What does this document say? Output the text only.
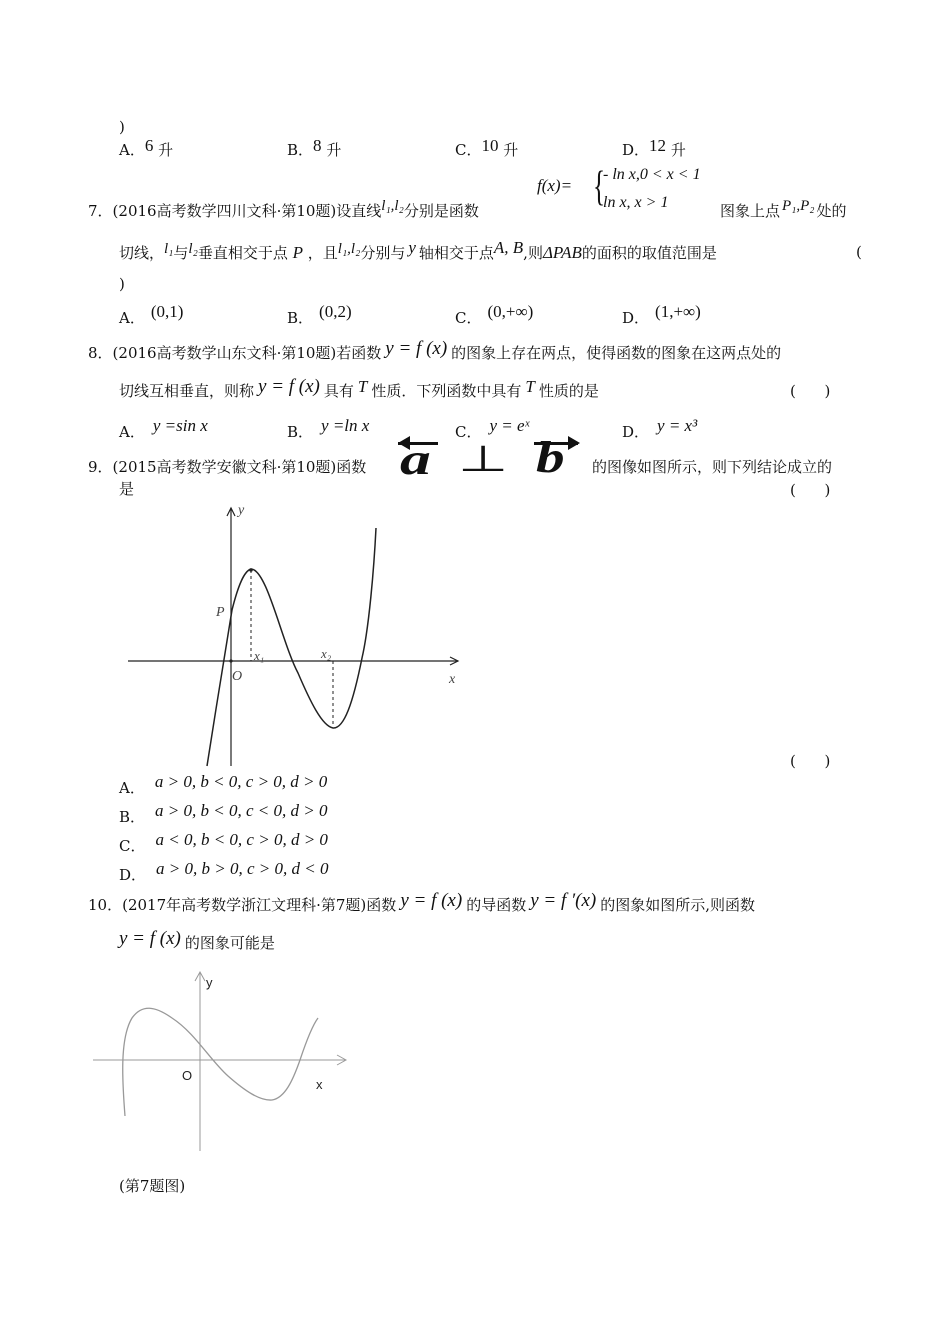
)
A．6 升	B．8 升	C．10 升	D．12 升
7．(2016高考数学四川文科·第10题)设直线l₁,l₂分别是函数
f(x)= {
- ln x,0 < x < 1
ln x, x > 1	图象上点 P₁,P₂ 处的
切线，l₁与l₂垂直相交于点 P ，且l₁,l₂分别与 y 轴相交于点A, B,则ΔPAB的面积的取值范围是	(
)
A． (0,1)	B． (0,2)	C． (0,+∞)	D． (1,+∞)
8．(2016高考数学山东文科·第10题)若函数 y = f (x) 的图象上存在两点，使得函数的图象在这两点处的
切线互相垂直，则称 y = f (x) 具有 T 性质．下列函数中具有 T 性质的是	(      )
A． y =sin x	B． y =ln x	C． y = eˣ	D． y = x³
9．(2015高考数学安徽文科·第10题)函数 a ⊥ b 的图像如图所示，则下列结论成立的
是	(      )
y
x
O
P
x₁	x₂
(      )
A． a > 0, b < 0, c > 0, d > 0
B． a > 0, b < 0, c < 0, d > 0
C． a < 0, b < 0, c > 0, d > 0
D． a > 0, b > 0, c > 0, d < 0
10．(2017年高考数学浙江文理科·第7题)函数 y = f (x) 的导函数 y = f ′(x) 的图象如图所示,则函数
y = f (x) 的图象可能是
y
x
O
(第7题图)
